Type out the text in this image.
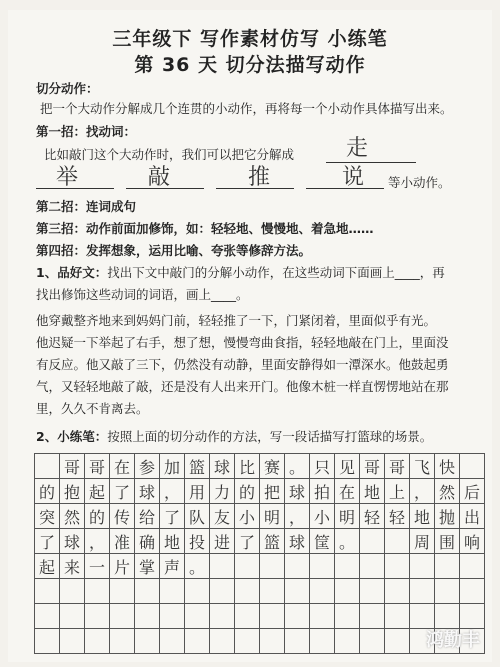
三年级下 写作素材仿写 小练笔
第 36 天 切分法描写动作
切分动作：
把一个大动作分解成几个连贯的小动作，再将每一个小动作具体描写出来。
第一招：找动词：
比如敲门这个大动作时，我们可以把它分解成 走
举	敲	推	说 等小动作。
第二招：连词成句
第三招：动作前面加修饰，如：轻轻地、慢慢地、着急地……
第四招：发挥想象，运用比喻、夸张等修辞方法。
1、品好文：找出下文中敲门的分解小动作，在这些动词下面画上____，再
找出修饰这些动词的词语，画上____。
他穿戴整齐地来到妈妈门前，轻轻推了一下，门紧闭着，里面似乎有光。
他迟疑一下举起了右手，想了想，慢慢弯曲食指，轻轻地敲在门上，里面没
有反应。他又敲了三下，仍然没有动静，里面安静得如一潭深水。他鼓起勇
气，又轻轻地敲了敲，还是没有人出来开门。他像木桩一样直愣愣地站在那
里，久久不肯离去。
2、小练笔：按照上面的切分动作的方法，写一段话描写打篮球的场景。
哥 哥 在 参 加 篮 球 比 赛 。 只 见 哥 哥 飞 快
的 抱 起 了 球 ， 用 力 的 把 球 拍 在 地 上 ， 然 后
突 然 的 传 给 了 队 友 小 明 ， 小 明 轻 轻 地 抛 出
了 球 ， 准 确 地 投 进 了 篮 球 筐 。	周 围 响
起 来 一 片 掌 声 。
鸿勤丰
